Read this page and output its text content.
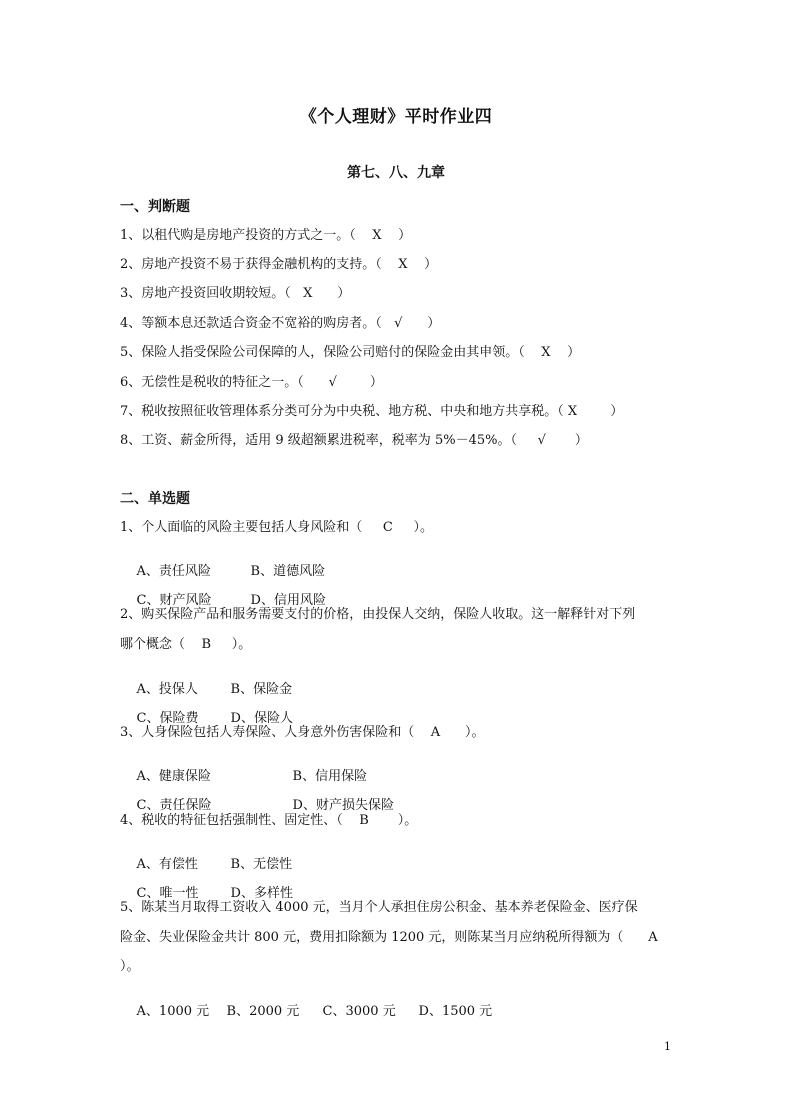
《个人理财》平时作业四
第七、八、九章
一、判断题
1、以租代购是房地产投资的方式之一。（    X    ）
2、房地产投资不易于获得金融机构的支持。（    X    ）
3、房地产投资回收期较短。（   X      ）
4、等额本息还款适合资金不宽裕的购房者。（   √      ）
5、保险人指受保险公司保障的人，保险公司赔付的保险金由其申领。（    X    ）
6、无偿性是税收的特征之一。（      √        ）
7、税收按照征收管理体系分类可分为中央税、地方税、中央和地方共享税。（ X        ）
8、工资、薪金所得，适用 9 级超额累进税率，税率为 5%－45%。（     √       ）
二、单选题
1、个人面临的风险主要包括人身风险和（     C     ）。

A、责任风险	B、道德风险

C、财产风险	D、信用风险

2、购买保险产品和服务需要支付的价格，由投保人交纳，保险人收取。这一解释针对下列
哪个概念（    B     ）。

A、投保人	B、保险金

C、保险费 D、保险人

3、人身保险包括人寿保险、人身意外伤害保险和（    A      ）。

A、健康保险	B、信用保险

C、责任保险	D、财产损失保险

4、税收的特征包括强制性、固定性、（    B       ）。

A、有偿性	B、无偿性

C、唯一性 D、多样性

5、陈某当月取得工资收入 4000 元，当月个人承担住房公积金、基本养老保险金、医疗保
险金、失业保险金共计 800 元，费用扣除额为 1200 元，则陈某当月应纳税所得额为（      A
）。

A、1000 元 B、2000 元 C、3000 元 D、1500 元

1
